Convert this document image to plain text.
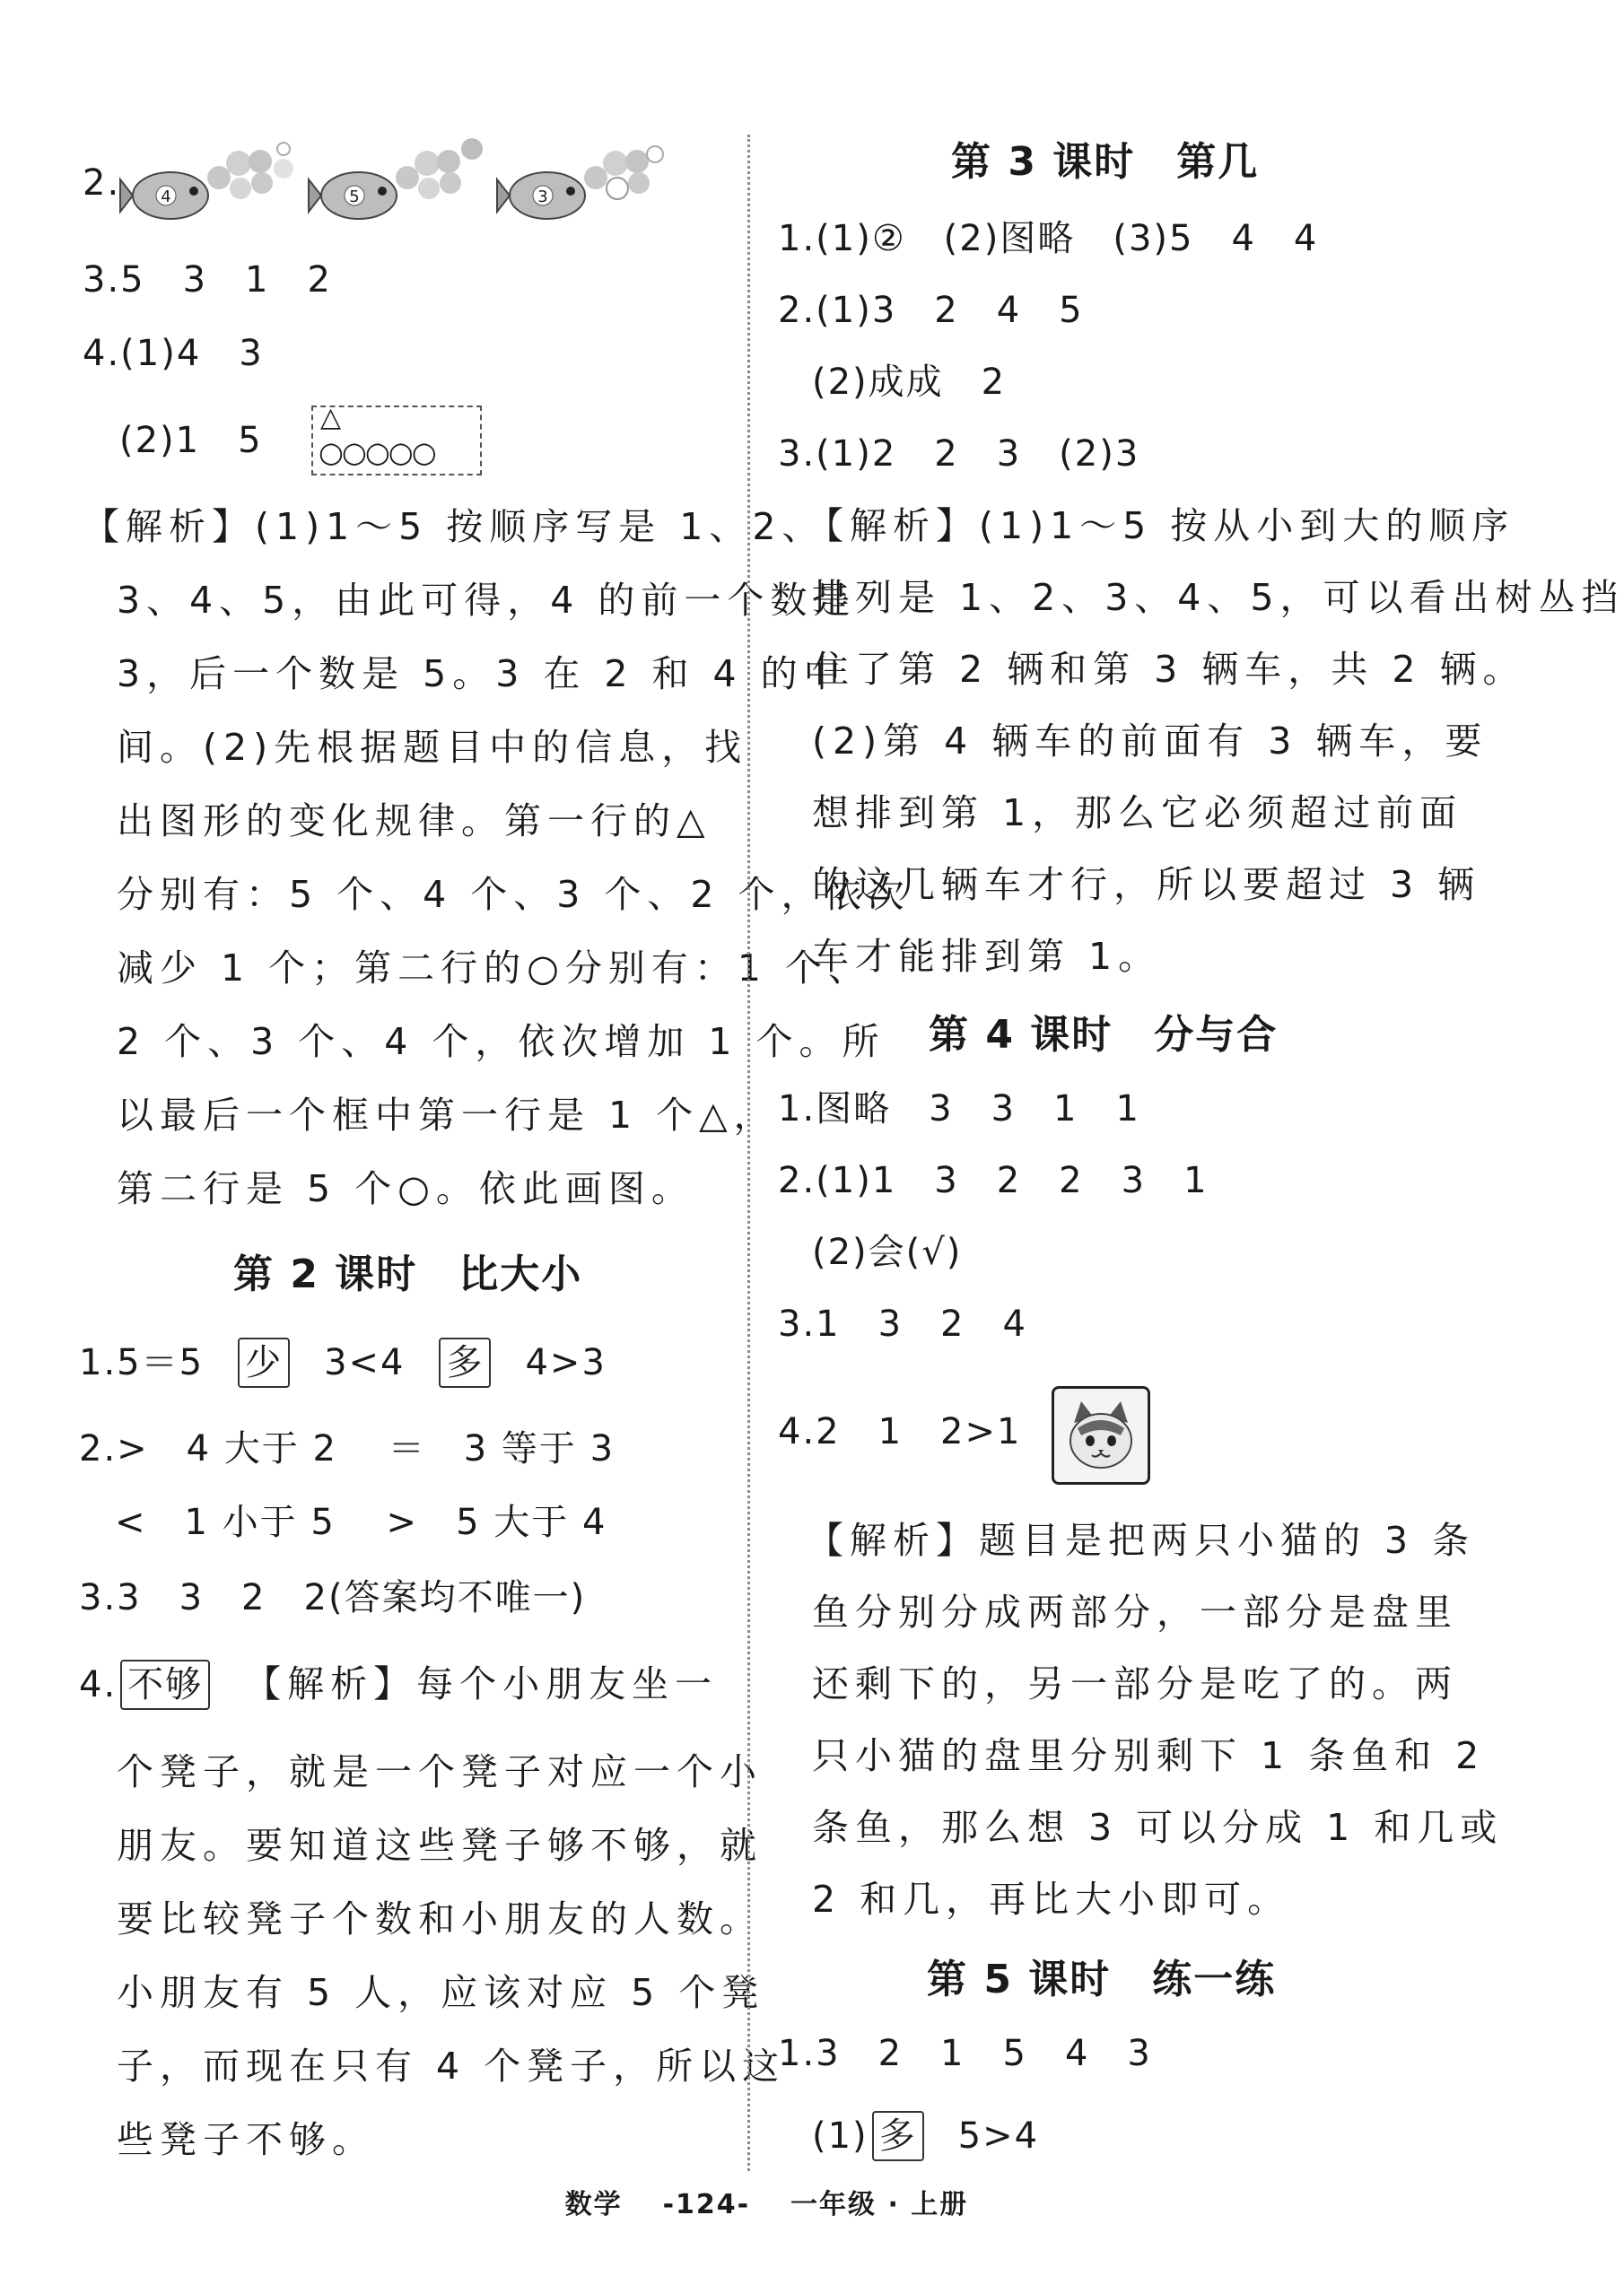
2.	4	5	3
3.5　3　1　2
4.(1)4　3
(2)1　5
△
○○○○○
【解析】(1)1～5 按顺序写是 1、2、
3、4、5，由此可得，4 的前一个数是
3，后一个数是 5。3 在 2 和 4 的中
间。(2)先根据题目中的信息，找
出图形的变化规律。第一行的△
分别有：5 个、4 个、3 个、2 个，依次
减少 1 个；第二行的○分别有：1 个、
2 个、3 个、4 个，依次增加 1 个。所
以最后一个框中第一行是 1 个△，
第二行是 5 个○。依此画图。
第 2 课时　比大小
1.5＝5 少 3<4 多 4>3
2.>　4 大于 2　 ＝　3 等于 3
<　1 小于 5　 >　5 大于 4
3.3　3　2　2(答案均不唯一)
4. 不够 【解析】每个小朋友坐一
个凳子，就是一个凳子对应一个小
朋友。要知道这些凳子够不够，就
要比较凳子个数和小朋友的人数。
小朋友有 5 人，应该对应 5 个凳
子，而现在只有 4 个凳子，所以这
些凳子不够。
第 3 课时　第几
1.(1)②　(2)图略　(3)5　4　4
2.(1)3　2　4　5
(2)成成　2
3.(1)2　2　3　(2)3
【解析】(1)1～5 按从小到大的顺序
排列是 1、2、3、4、5，可以看出树丛挡
住了第 2 辆和第 3 辆车，共 2 辆。
(2)第 4 辆车的前面有 3 辆车，要
想排到第 1，那么它必须超过前面
的这几辆车才行，所以要超过 3 辆
车才能排到第 1。
第 4 课时　分与合
1.图略　3　3　1　1
2.(1)1　3　2　2　3　1
(2)会(√)
3.1　3　2　4
4.2　1　2>1
【解析】题目是把两只小猫的 3 条
鱼分别分成两部分，一部分是盘里
还剩下的，另一部分是吃了的。两
只小猫的盘里分别剩下 1 条鱼和 2
条鱼，那么想 3 可以分成 1 和几或
2 和几，再比大小即可。
第 5 课时　练一练
1.3　2　1　5　4　3
(1) 多 5>4
数学 -124- 一年级 · 上册
